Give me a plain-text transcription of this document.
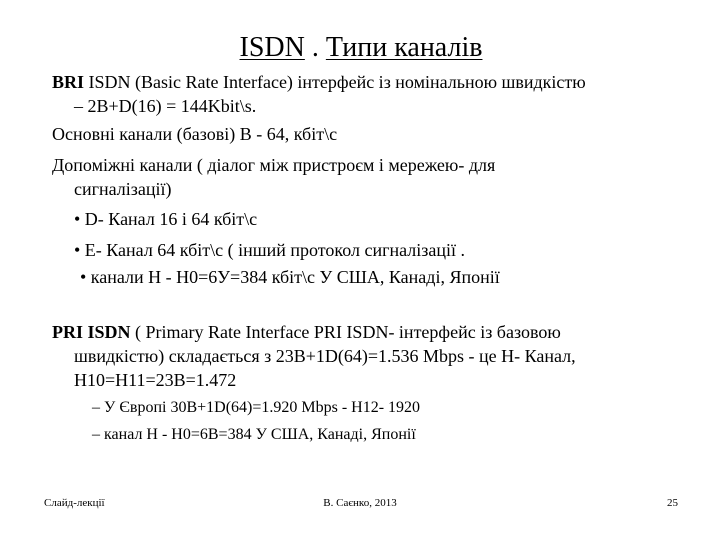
ISDN . Типи каналів
BRI ISDN (Basic Rate Interface) інтерфейс із номінальною швидкістю
– 2B+D(16) = 144Kbit\s.
Основні канали (базові) B - 64, кбіт\с
Допоміжні канали ( діалог між пристроєм і мережею- для
сигналізації)
• D- Канал 16 і 64 кбіт\с
• E- Канал 64 кбіт\с ( інший протокол сигналізації .
• канали H - H0=6У=384 кбіт\с У США, Канаді, Японії
PRI ISDN ( Primary Rate Interface PRI ISDN- інтерфейс із базовою
швидкістю) складається з 23B+1D(64)=1.536 Mbps - це H- Канал,
H10=H11=23B=1.472
– У Європі 30B+1D(64)=1.920 Mbps - H12- 1920
– канал H - H0=6B=384 У США, Канаді, Японії
Слайд-лекції	В. Саєнко, 2013	25
